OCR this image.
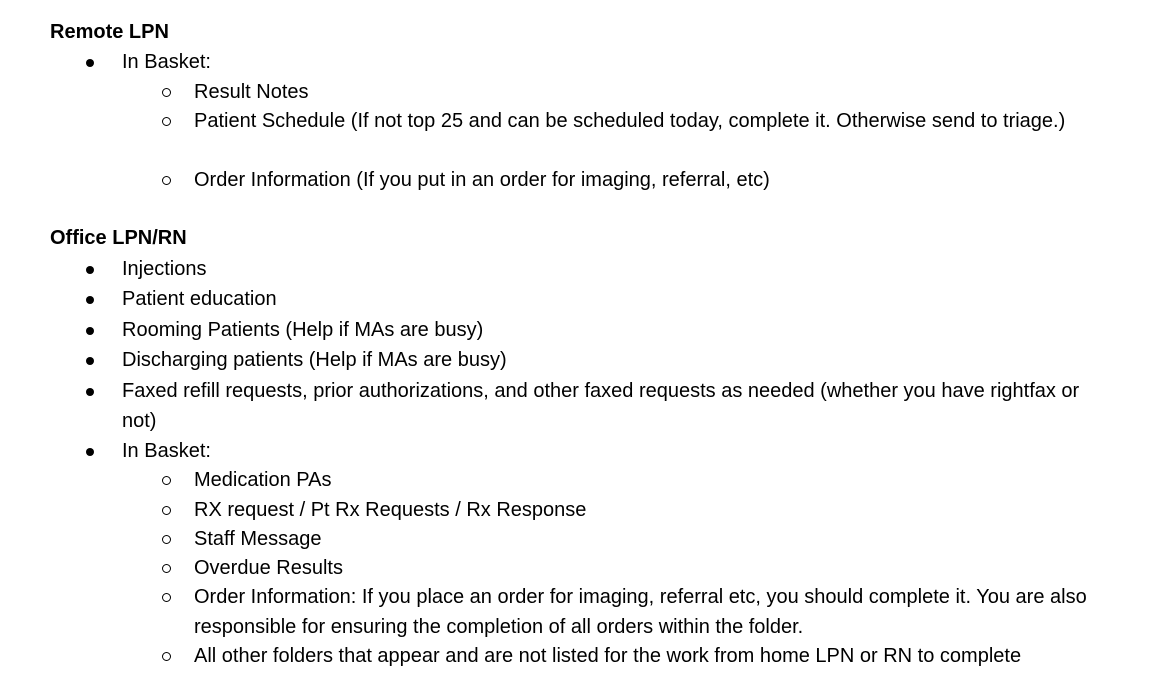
Remote LPN
In Basket:
Result Notes
Patient Schedule (If not top 25 and can be scheduled today, complete it. Otherwise send to triage.)
Order Information (If you put in an order for imaging, referral, etc)
Office LPN/RN
Injections
Patient education
Rooming Patients (Help if MAs are busy)
Discharging patients (Help if MAs are busy)
Faxed refill requests, prior authorizations, and other faxed requests as needed (whether you have rightfax or not)
In Basket:
Medication PAs
RX request / Pt Rx Requests / Rx Response
Staff Message
Overdue Results
Order Information: If you place an order for imaging, referral etc, you should complete it. You are also responsible for ensuring the completion of all orders within the folder.
All other folders that appear and are not listed for the work from home LPN or RN to complete
